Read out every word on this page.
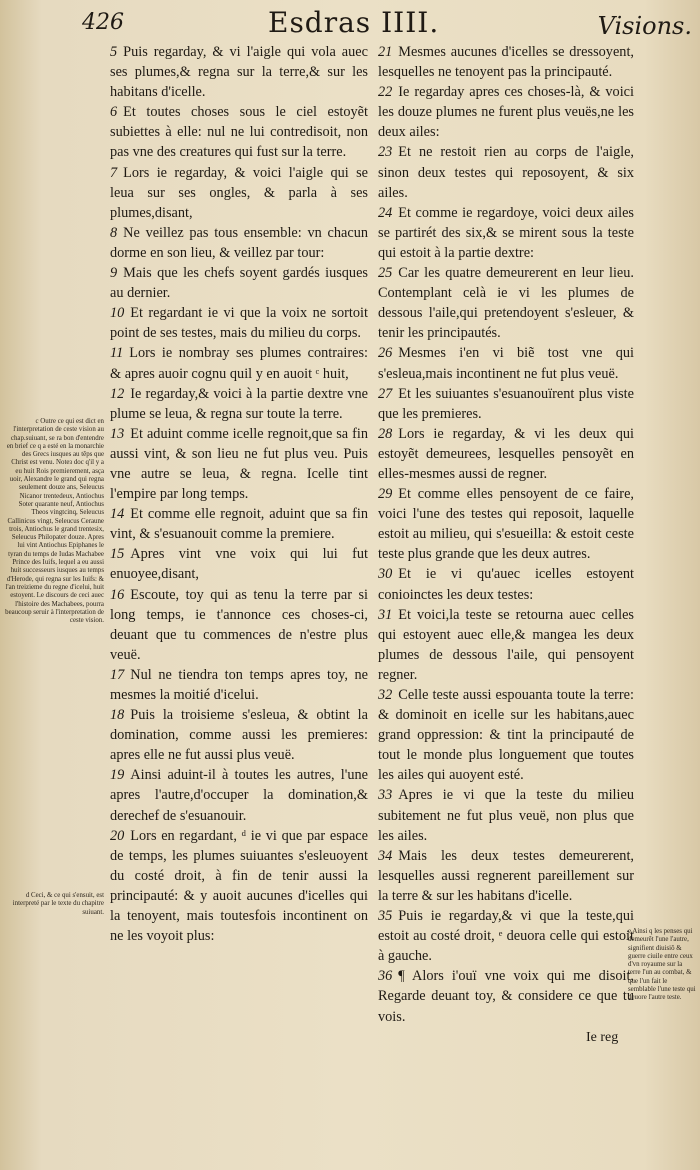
426	Esdras IIII.	Visions.
5 Puis regarday, & vi l'aigle qui vola auec ses plumes,& regna sur la terre,& sur les habitans d'icelle.
6 Et toutes choses sous le ciel estoyẽt subiettes à elle: nul ne lui contredisoit, non pas vne des creatures qui fust sur la terre.
7 Lors ie regarday, & voici l'aigle qui se leua sur ses ongles, & parla à ses plumes,disant,
8 Ne veillez pas tous ensemble: vn chacun dorme en son lieu, & veillez par tour:
9 Mais que les chefs soyent gardés iusques au dernier.
10 Et regardant ie vi que la voix ne sortoit point de ses testes, mais du milieu du corps.
11 Lors ie nombray ses plumes contraires: & apres auoir cognu quil y en auoit ᶜ huit,
12 Ie regarday,& voici à la partie dextre vne plume se leua, & regna sur toute la terre.
13 Et aduint comme icelle regnoit,que sa fin aussi vint, & son lieu ne fut plus veu. Puis vne autre se leua, & regna. Icelle tint l'empire par long temps.
14 Et comme elle regnoit, aduint que sa fin vint, & s'esuanouit comme la premiere.
15 Apres vint vne voix qui lui fut enuoyee,disant,
16 Escoute, toy qui as tenu la terre par si long temps, ie t'annonce ces choses-ci, deuant que tu commences de n'estre plus veuë.
17 Nul ne tiendra ton temps apres toy, ne mesmes la moitié d'icelui.
18 Puis la troisieme s'esleua, & obtint la domination, comme aussi les premieres: apres elle ne fut aussi plus veuë.
19 Ainsi aduint-il à toutes les autres, l'une apres l'autre,d'occuper la domination,& derechef de s'esuanouir.
20 Lors en regardant, ᵈ ie vi que par espace de temps, les plumes suiuantes s'esleuoyent du costé droit, à fin de tenir aussi la principauté: & y auoit aucunes d'icelles qui la tenoyent, mais toutesfois incontinent on ne les voyoit plus:
21 Mesmes aucunes d'icelles se dressoyent, lesquelles ne tenoyent pas la principauté.
22 Ie regarday apres ces choses-là, & voici les douze plumes ne furent plus veuës,ne les deux ailes:
23 Et ne restoit rien au corps de l'aigle, sinon deux testes qui reposoyent, & six ailes.
24 Et comme ie regardoye, voici deux ailes se partirét des six,& se mirent sous la teste qui estoit à la partie dextre:
25 Car les quatre demeurerent en leur lieu. Contemplant celà ie vi les plumes de dessous l'aile,qui pretendoyent s'esleuer, & tenir les principautés.
26 Mesmes i'en vi biẽ tost vne qui s'esleua,mais incontinent ne fut plus veuë.
27 Et les suiuantes s'esuanouïrent plus viste que les premieres.
28 Lors ie regarday, & vi les deux qui estoyẽt demeurees, lesquelles pensoyẽt en elles-mesmes aussi de regner.
29 Et comme elles pensoyent de ce faire, voici l'une des testes qui reposoit, laquelle estoit au milieu, qui s'esueilla: & estoit ceste teste plus grande que les deux autres.
30 Et ie vi qu'auec icelles estoyent conioinctes les deux testes:
31 Et voici,la teste se retourna auec celles qui estoyent auec elle,& mangea les deux plumes de dessous l'aile, qui pensoyent regner.
32 Celle teste aussi espouanta toute la terre: & dominoit en icelle sur les habitans,auec grand oppression: & tint la principauté de tout le monde plus longuement que toutes les ailes qui auoyent esté.
33 Apres ie vi que la teste du milieu subitement ne fut plus veuë, non plus que les ailes.
34 Mais les deux testes demeurerent, lesquelles aussi regnerent pareillement sur la terre & sur les habitans d'icelle.
35 Puis ie regarday,& vi que la teste,qui estoit au costé droit, ᵉ deuora celle qui estoit à gauche.
36 ¶ Alors i'ouï vne voix qui me disoit, Regarde deuant toy, & considere ce que tu vois.
c Outre ce qui est dict en l'interpretation de ceste vision au chap.suiuant, se ra bon d'entendre en brief ce q a esté en la monarchie des Grecs iusques au tẽps que Christ est venu. Noteз doc q'il y a eu huit Rois premierement, asça uoir, Alexandre le grand qui regna seulement douze ans, Seleucus Nicanor trentedeux, Antiochus Soter quarante neuf, Antiochus Theos vingtcinq, Seleucus Callinicus vingt, Seleucus Ceraune trois, Antiochus le grand trentesix, Seleucus Philopater douze. Apres lui vint Antiochus Epiphanes le tyran du temps de Iudas Machabee Prince des Iuifs, lequel a eu aussi huit successeurs iusques au temps d'Herode, qui regna sur les Iuifs: & l'an treizieme du regne d'icelui, huit estoyent. Le discours de ceci auec l'histoire des Machabees, pourra beaucoup seruir à l'interpretation de ceste vision.
d Ceci, & ce qui s'ensuit, est interpreté par le texte du chapitre suiuant.
e Ainsi q les penses qui demeurẽt l'une l'autre, signifient diuisiõ & guerre ciuile entre ceux d'vn royaume sur la terre l'un au combat, & que l'un fait le semblable l'une teste qui deuore l'autre teste.
Ie reg
